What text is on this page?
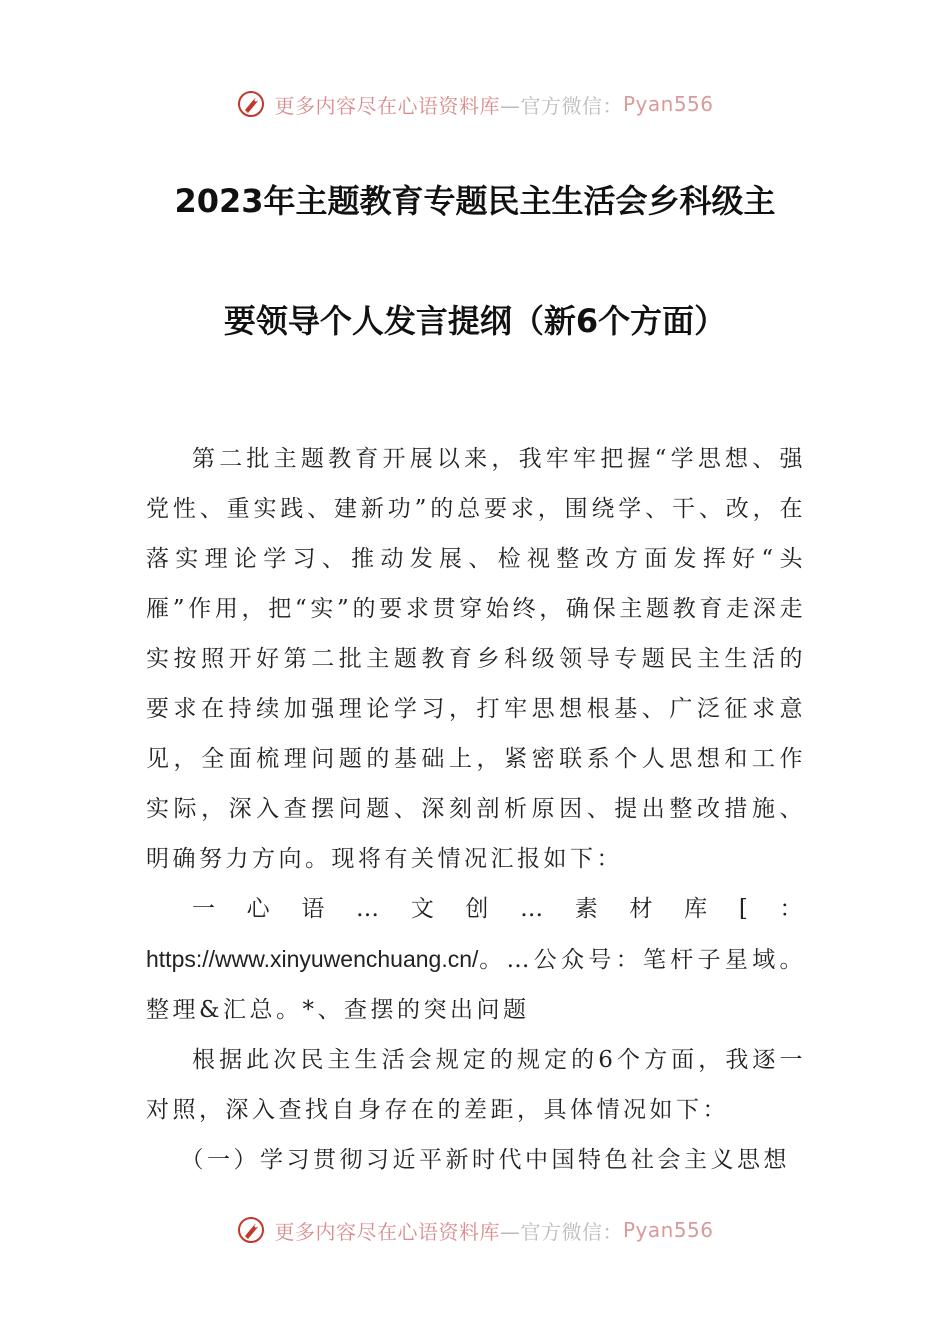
更多内容尽在心语资料库 —官方微信： Pyan556
2023年主题教育专题民主生活会乡科级主
要领导个人发言提纲（新6个方面）

第二批主题教育开展以来，我牢牢把握“学思想、强党性、重实践、建新功”的总要求，围绕学、干、改，在落实理论学习、推动发展、检视整改方面发挥好“头雁”作用，把“实”的要求贯穿始终，确保主题教育走深走实按照开好第二批主题教育乡科级领导专题民主生活的要求在持续加强理论学习，打牢思想根基、广泛征求意见，全面梳理问题的基础上，紧密联系个人思想和工作实际，深入查摆问题、深刻剖析原因、提出整改措施、明确努力方向。现将有关情况汇报如下：

一心语…文创…素材库[：https://www.xinyuwenchuang.cn/。…公众号：笔杆子星域。整理&汇总。*、查摆的突出问题

根据此次民主生活会规定的规定的6个方面，我逐一对照，深入查找自身存在的差距，具体情况如下：

（一）学习贯彻习近平新时代中国特色社会主义思想

更多内容尽在心语资料库 —官方微信： Pyan556
